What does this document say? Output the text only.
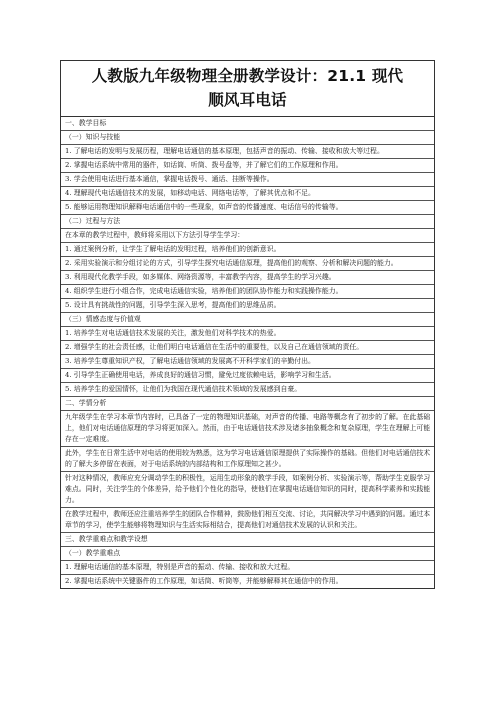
人教版九年级物理全册教学设计：21.1 现代
顺风耳电话
一、教学目标
（一）知识与技能
1. 了解电话的发明与发展历程，理解电话通信的基本原理，包括声音的振动、传输、接收和放大等过程。
2. 掌握电话系统中常用的器件，如话筒、听筒、拨号盘等，并了解它们的工作原理和作用。
3. 学会使用电话进行基本通信，掌握电话拨号、通话、挂断等操作。
4. 理解现代电话通信技术的发展，如移动电话、网络电话等，了解其优点和不足。
5. 能够运用物理知识解释电话通信中的一些现象，如声音的传播速度、电话信号的传输等。
（二）过程与方法
在本章的教学过程中，教师将采用以下方法引导学生学习：
1. 通过案例分析，让学生了解电话的发明过程，培养他们的创新意识。
2. 采用实验演示和分组讨论的方式，引导学生探究电话通信原理，提高他们的观察、分析和解决问题的能力。
3. 利用现代化教学手段，如多媒体、网络资源等，丰富教学内容，提高学生的学习兴趣。
4. 组织学生进行小组合作，完成电话通信实验，培养他们的团队协作能力和实践操作能力。
5. 设计具有挑战性的问题，引导学生深入思考，提高他们的思维品质。
（三）情感态度与价值观
1. 培养学生对电话通信技术发展的关注，激发他们对科学技术的热爱。
2. 增强学生的社会责任感，让他们明白电话通信在生活中的重要性，以及自己在通信领域的责任。
3. 培养学生尊重知识产权，了解电话通信领域的发展离不开科学家们的辛勤付出。
4. 引导学生正确使用电话，养成良好的通信习惯，避免过度依赖电话，影响学习和生活。
5. 培养学生的爱国情怀，让他们为我国在现代通信技术领域的发展感到自豪。
二、学情分析
九年级学生在学习本章节内容时，已具备了一定的物理知识基础，对声音的传播、电路等概念有了初步的了解。在此基础上，他们对电话通信原理的学习将更加深入。然而，由于电话通信技术涉及诸多抽象概念和复杂原理，学生在理解上可能存在一定难度。
此外，学生在日常生活中对电话的使用较为熟悉，这为学习电话通信原理提供了实际操作的基础。但他们对电话通信技术的了解大多停留在表面，对于电话系统的内部结构和工作原理知之甚少。
针对这种情况，教师应充分调动学生的积极性，运用生动形象的教学手段，如案例分析、实验演示等，帮助学生克服学习难点。同时，关注学生的个体差异，给予他们个性化的指导，使他们在掌握电话通信知识的同时，提高科学素养和实践能力。
在教学过程中，教师还应注重培养学生的团队合作精神，鼓励他们相互交流、讨论，共同解决学习中遇到的问题。通过本章节的学习，使学生能够将物理知识与生活实际相结合，提高他们对通信技术发展的认识和关注。
三、教学重难点和教学设想
（一）教学重难点
1. 理解电话通信的基本原理，特别是声音的振动、传输、接收和放大过程。
2. 掌握电话系统中关键器件的工作原理，如话筒、听筒等，并能够解释其在通信中的作用。
